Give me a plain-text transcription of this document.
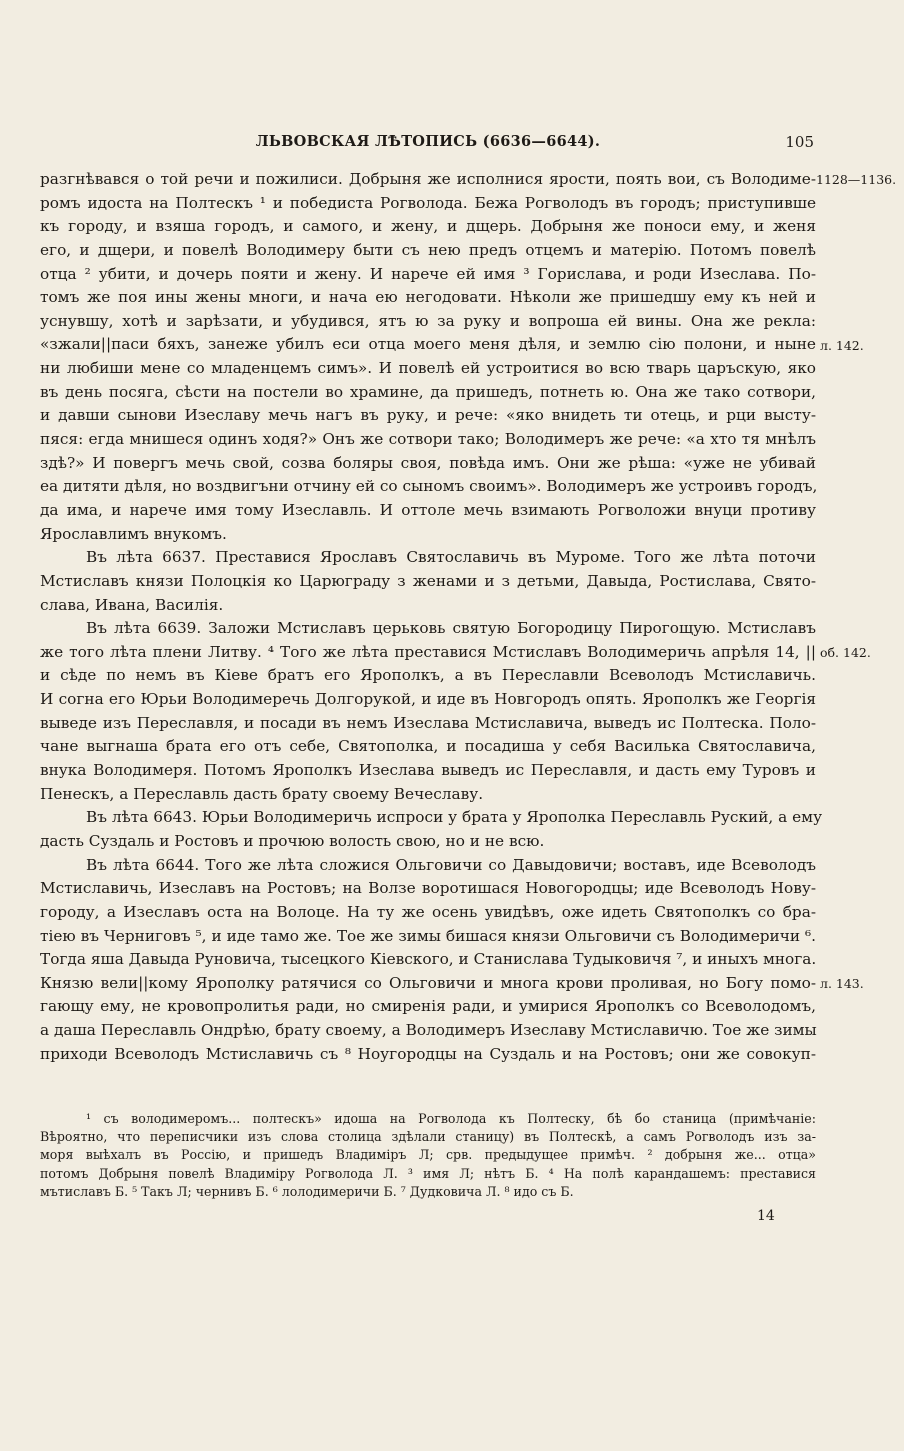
ЛЬВОВСКАЯ ЛѢТОПИСЬ (6636—6644).	105
разгнѣвався о той речи и пожилиси. Добрыня же исполнися ярости, поять вои, съ Володиме-
ромъ идоста на Полтескъ ¹ и победиста Рогволода. Бежа Рогволодъ въ городъ; приступивше
къ городу, и взяша городъ, и самого, и жену, и дщерь. Добрыня же поноси ему, и женя
его, и дщери, и повелѣ Володимеру быти съ нею предъ отцемъ и матерію. Потомъ повелѣ
отца ² убити, и дочерь пояти и жену. И нарече ей имя ³ Горислава, и роди Изеслава. По-
томъ же поя ины жены многи, и нача ею негодовати. Нѣколи же пришедшу ему къ ней и
уснувшу, хотѣ и зарѣзати, и убудився, ятъ ю за руку и вопроша ей вины. Она же рекла:
«зжали||паси бяхъ, занеже убилъ еси отца моего меня дѣля, и землю сію полони, и ныне
ни любиши мене со младенцемъ симъ». И повелѣ ей устроитися во всю тварь царъскую, яко
въ день посяга, сѣсти на постели во храмине, да пришедъ, потнеть ю. Она же тако сотвори,
и давши сынови Изеславу мечь нагъ въ руку, и рече: «яко внидеть ти отець, и рци высту-
пяся: егда мнишеся одинъ ходя?» Онъ же сотвори тако; Володимеръ же рече: «а хто тя мнѣлъ
здѣ?» И повергъ мечь свой, созва боляры своя, повѣда имъ. Они же рѣша: «уже не убивай
еа дитяти дѣля, но воздвигъни отчину ей со сыномъ своимъ». Володимеръ же устроивъ городъ,
да има, и нарече имя тому Изеславль. И оттоле мечь взимають Рогволожи внуци противу
Ярославлимъ внукомъ.
Въ лѣта 6637. Преставися Ярославъ Святославичь въ Муроме. Того же лѣта поточи
Мстиславъ князи Полоцкія ко Царюграду з женами и з детьми, Давыда, Ростислава, Свято-
слава, Ивана, Василія.
Въ лѣта 6639. Заложи Мстиславъ церьковь святую Богородицу Пирогощую. Мстиславъ
же того лѣта плени Литву. ⁴ Того же лѣта преставися Мстиславъ Володимеричь апрѣля 14, ||
и сѣде по немъ въ Кіеве братъ его Ярополкъ, а въ Переславли Всеволодъ Мстиславичь.
И согна его Юрьи Володимеречь Долгорукой, и иде въ Новгородъ опять. Ярополкъ же Георгія
выведе изъ Переславля, и посади въ немъ Изеслава Мстиславича, выведъ ис Полтеска. Поло-
чане выгнаша брата его отъ себе, Святополка, и посадиша у себя Василька Святославича,
внука Володимеря. Потомъ Ярополкъ Изеслава выведъ ис Переславля, и дасть ему Туровъ и
Пенескъ, а Переславль дасть брату своему Вечеславу.
Въ лѣта 6643. Юрьи Володимеричь испроси у брата у Ярополка Переславль Руский, а ему
дасть Суздаль и Ростовъ и прочюю волость свою, но и не всю.
Въ лѣта 6644. Того же лѣта сложися Ольговичи со Давыдовичи; воставъ, иде Всеволодъ
Мстиславичь, Изеславъ на Ростовъ; на Волзе воротишася Новогородцы; иде Всеволодъ Нову-
городу, а Изеславъ оста на Волоце. На ту же осень увидѣвъ, оже идеть Святополкъ со бра-
тіею въ Черниговъ ⁵, и иде тамо же. Тое же зимы бишася князи Ольговичи съ Володимеричи ⁶.
Тогда яша Давыда Руновича, тысецкого Кіевского, и Станислава Тудыковичя ⁷, и иныхъ многа.
Князю вели||кому Ярополку ратячися со Ольговичи и многа крови проливая, но Богу помо-
гающу ему, не кровопролитья ради, но смиренія ради, и умирися Ярополкъ со Всеволодомъ,
а даша Переславль Ондрѣю, брату своему, а Володимеръ Изеславу Мстиславичю. Тое же зимы
приходи Всеволодъ Мстиславичь съ ⁸ Ноугородцы на Суздаль и на Ростовъ; они же совокуп-
1128—1136.
л. 142.
об. 142.
л. 143.
¹ съ володимеромъ... полтескъ» идоша на Рогволода къ Полтеску, бѣ бо станица (примѣчаніе:
Вѣроятно, что переписчики изъ слова столица здѣлали станицу) въ Полтескѣ, а самъ Рогволодъ изъ за-
моря выѣхалъ въ Россію, и пришедъ Владиміръ Л; срв. предыдущее примѣч. ² добрыня же... отца»
потомъ Добрыня повелѣ Владиміру Рогволода Л. ³ имя Л; нѣтъ Б. ⁴ На полѣ карандашемъ: преставися
мътиславъ Б. ⁵ Такъ Л; чернивъ Б. ⁶ лолодимеричи Б. ⁷ Дудковича Л. ⁸ идо съ Б.
14
